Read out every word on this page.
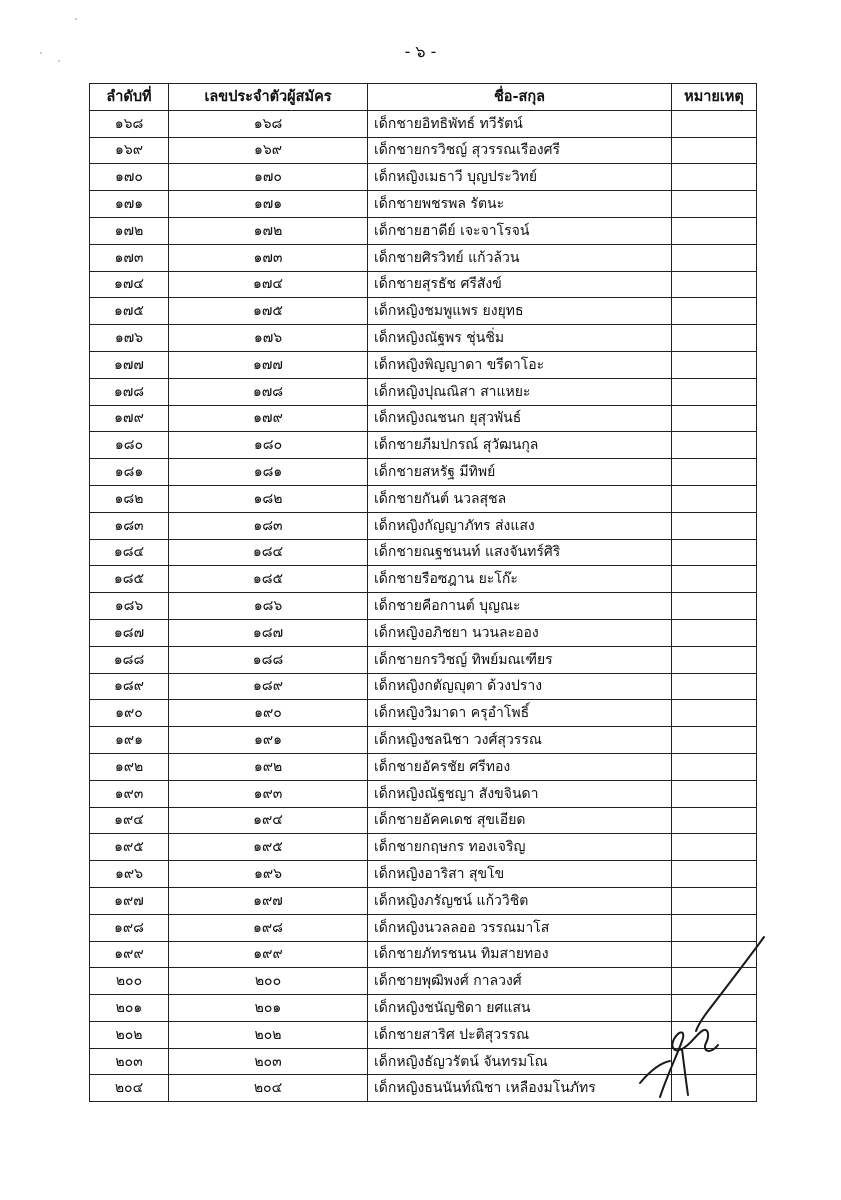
- ๖ -
ลำดับที่	เลขประจำตัวผู้สมัคร	ชื่อ-สกุล	หมายเหตุ
๑๖๘	๑๖๘	เด็กชายอิทธิพัทธ์ ทวีรัตน์	
๑๖๙	๑๖๙	เด็กชายกรวิชญ์ สุวรรณเรืองศรี	
๑๗๐	๑๗๐	เด็กหญิงเมธาวี บุญประวิทย์	
๑๗๑	๑๗๑	เด็กชายพชรพล รัตนะ	
๑๗๒	๑๗๒	เด็กชายฮาดีย์ เจะจาโรจน์	
๑๗๓	๑๗๓	เด็กชายศิรวิทย์ แก้วล้วน	
๑๗๔	๑๗๔	เด็กชายสุรธัช ศรีสังข์	
๑๗๕	๑๗๕	เด็กหญิงชมพูแพร ยงยุทธ	
๑๗๖	๑๗๖	เด็กหญิงณัฐพร ชุ่นชิ่ม	
๑๗๗	๑๗๗	เด็กหญิงพิญญาดา ขรีดาโอะ	
๑๗๘	๑๗๘	เด็กหญิงปุณณิสา สาแหยะ	
๑๗๙	๑๗๙	เด็กหญิงณชนก ยุสุวพันธ์	
๑๘๐	๑๘๐	เด็กชายภีมปกรณ์ สุวัฒนกุล	
๑๘๑	๑๘๑	เด็กชายสหรัฐ มีทิพย์	
๑๘๒	๑๘๒	เด็กชายกันต์ นวลสุชล	
๑๘๓	๑๘๓	เด็กหญิงกัญญาภัทร ส่งแสง	
๑๘๔	๑๘๔	เด็กชายณฐชนนท์ แสงจันทร์ศิริ	
๑๘๕	๑๘๕	เด็กชายรือซฎาน ยะโก๊ะ	
๑๘๖	๑๘๖	เด็กชายคือกานต์ บุญณะ	
๑๘๗	๑๘๗	เด็กหญิงอภิชยา นวนละออง	
๑๘๘	๑๘๘	เด็กชายกรวิชญ์ ทิพย์มณเฑียร	
๑๘๙	๑๘๙	เด็กหญิงกตัญญุตา ด้วงปราง	
๑๙๐	๑๙๐	เด็กหญิงวิมาดา ครุอำโพธิ์	
๑๙๑	๑๙๑	เด็กหญิงชลนิชา วงศ์สุวรรณ	
๑๙๒	๑๙๒	เด็กชายอัครชัย ศรีทอง	
๑๙๓	๑๙๓	เด็กหญิงณัฐชญา สังขจินดา	
๑๙๔	๑๙๔	เด็กชายอัคคเดช สุขเอียด	
๑๙๕	๑๙๕	เด็กชายกฤษกร ทองเจริญ	
๑๙๖	๑๙๖	เด็กหญิงอาริสา สุขโข	
๑๙๗	๑๙๗	เด็กหญิงภรัญชน์ แก้ววิชิต	
๑๙๘	๑๙๘	เด็กหญิงนวลลออ วรรณมาโส	
๑๙๙	๑๙๙	เด็กชายภัทรชนน ทิมสายทอง	
๒๐๐	๒๐๐	เด็กชายพุฒิพงศ์ กาลวงศ์	
๒๐๑	๒๐๑	เด็กหญิงชนัญชิดา ยศแสน	
๒๐๒	๒๐๒	เด็กชายสาริศ ปะติสุวรรณ	
๒๐๓	๒๐๓	เด็กหญิงธัญวรัตน์ จันทรมโณ	
๒๐๔	๒๐๔	เด็กหญิงธนนันท์ณิชา เหลืองมโนภัทร	
